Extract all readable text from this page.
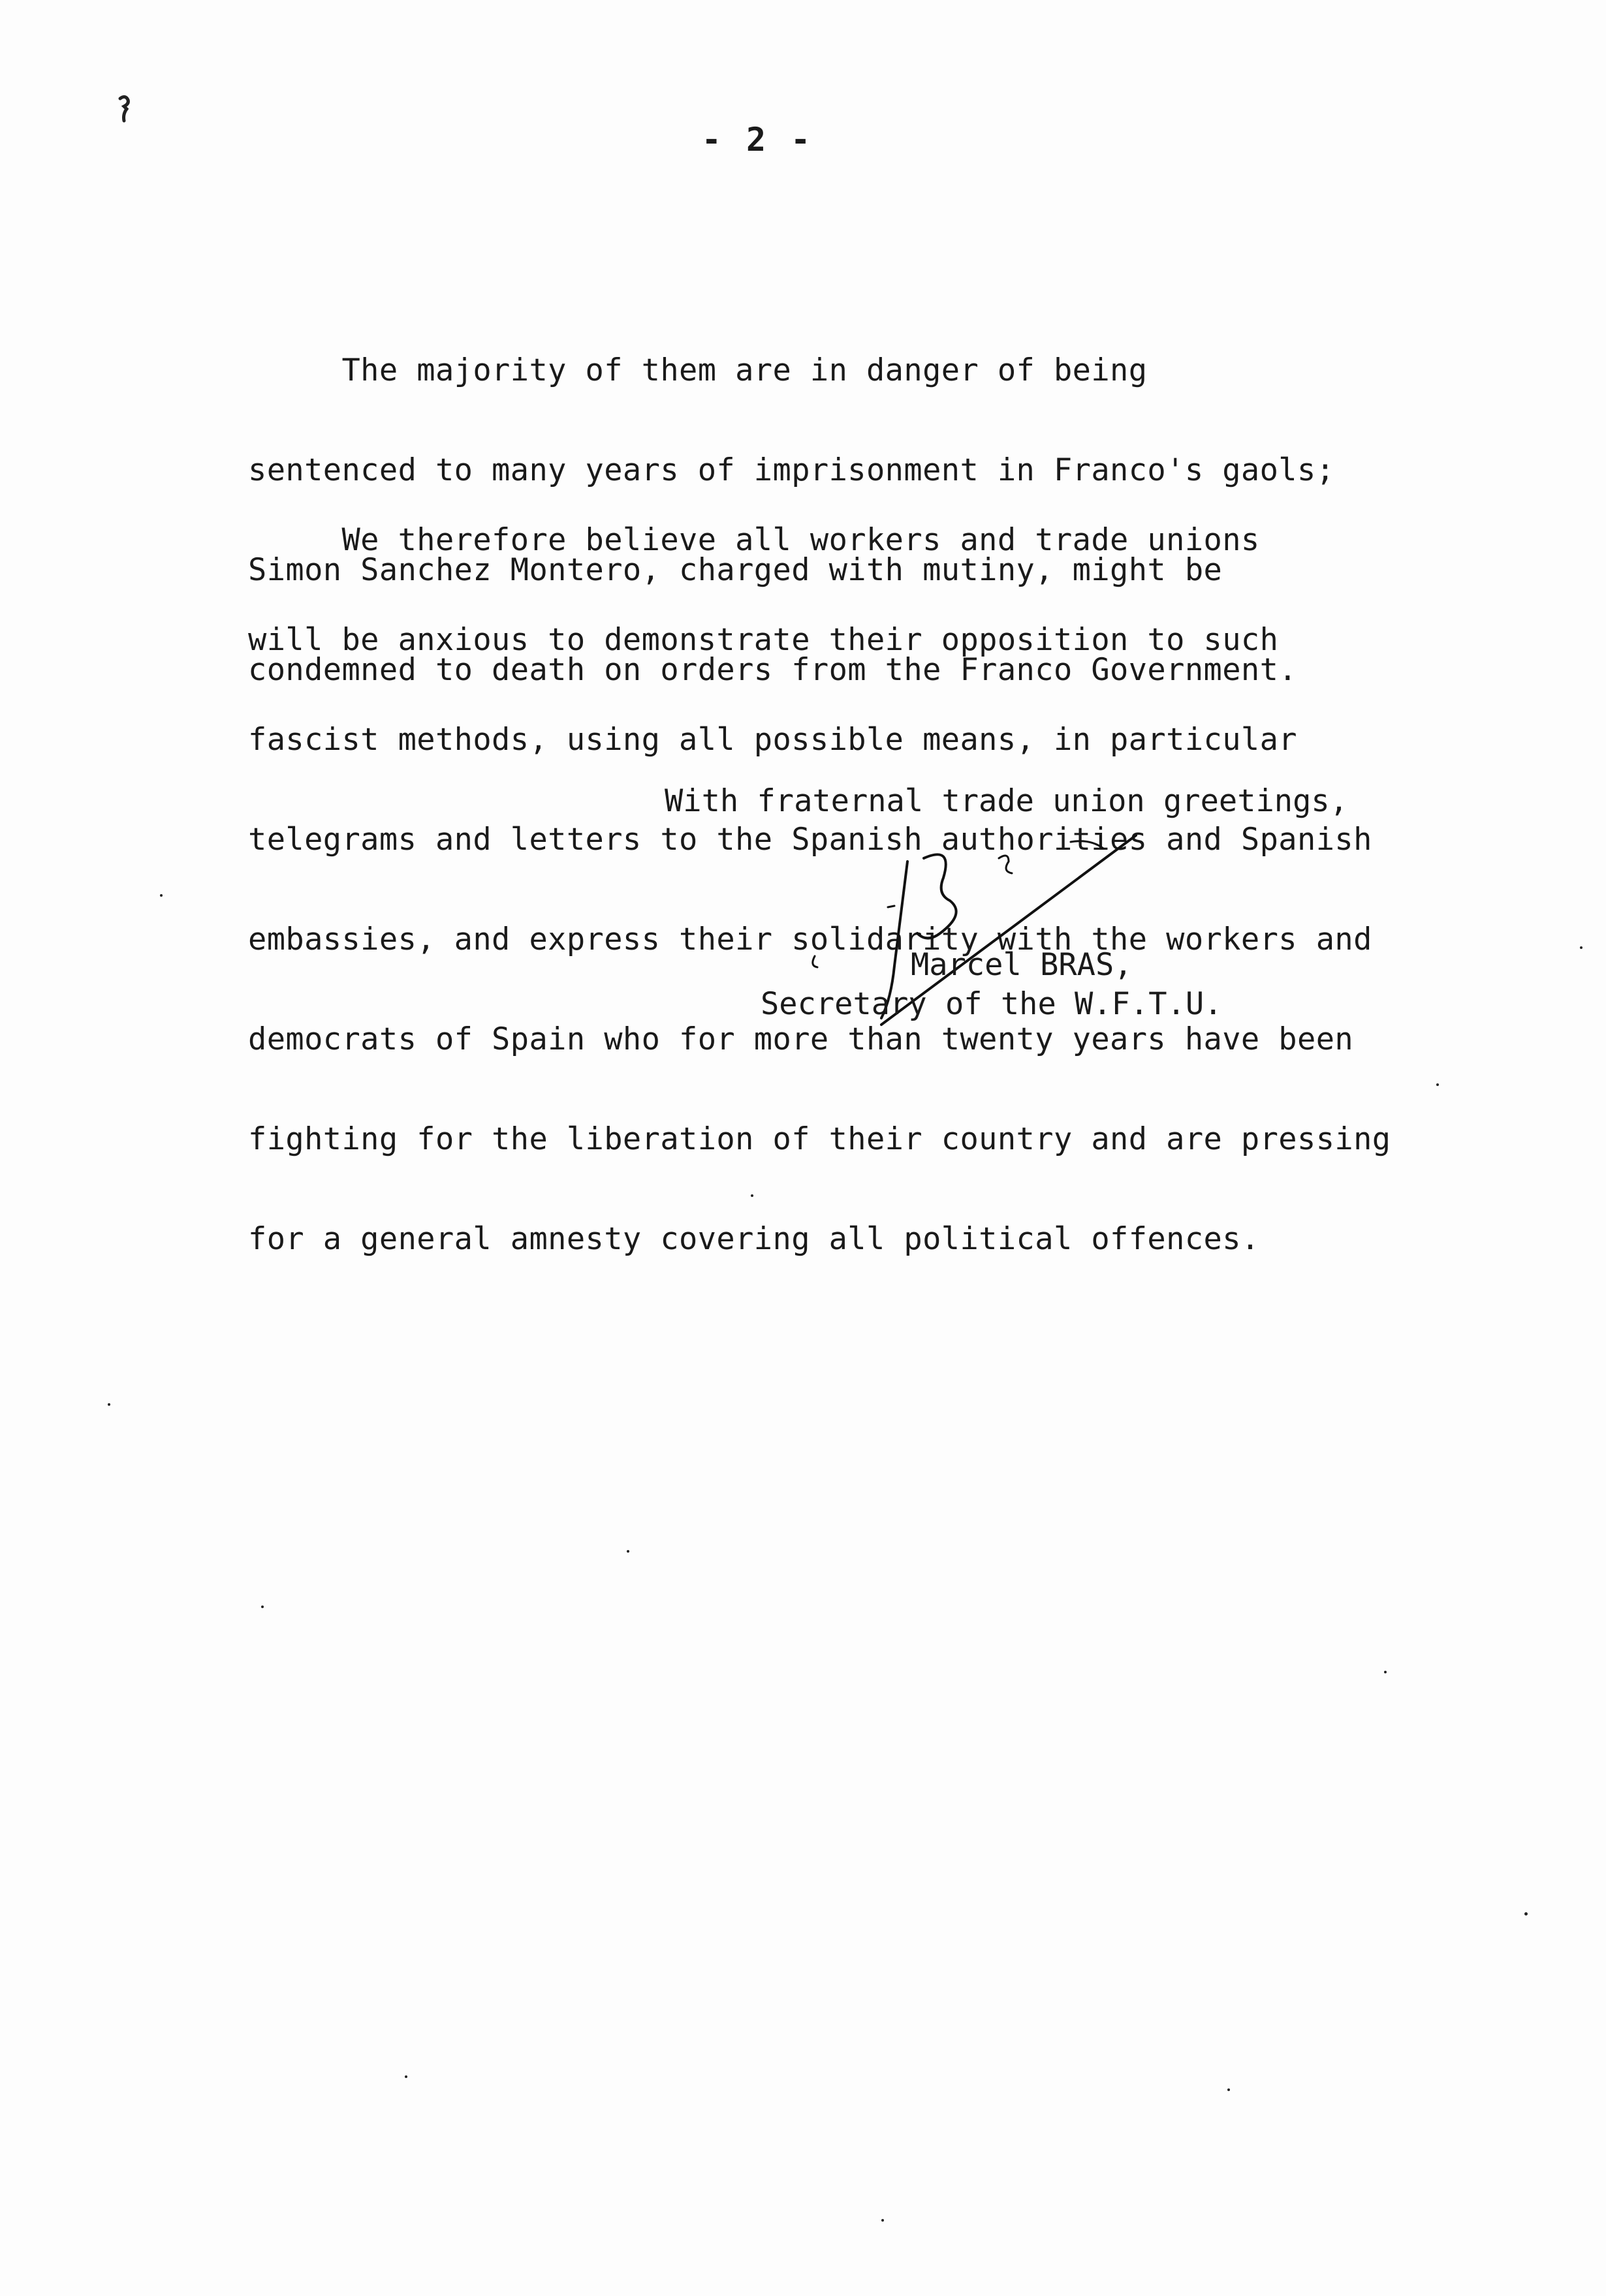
- 2 -

The majority of them are in danger of being

sentenced to many years of imprisonment in Franco's gaols;

Simon Sanchez Montero, charged with mutiny, might be

condemned to death on orders from the Franco Government.

We therefore believe all workers and trade unions

will be anxious to demonstrate their opposition to such

fascist methods, using all possible means, in particular

telegrams and letters to the Spanish authorities and Spanish

embassies, and express their solidarity with the workers and

democrats of Spain who for more than twenty years have been

fighting for the liberation of their country and are pressing

for a general amnesty covering all political offences.

With fraternal trade union greetings,
Marcel BRAS,
Secretary of the W.F.T.U.
